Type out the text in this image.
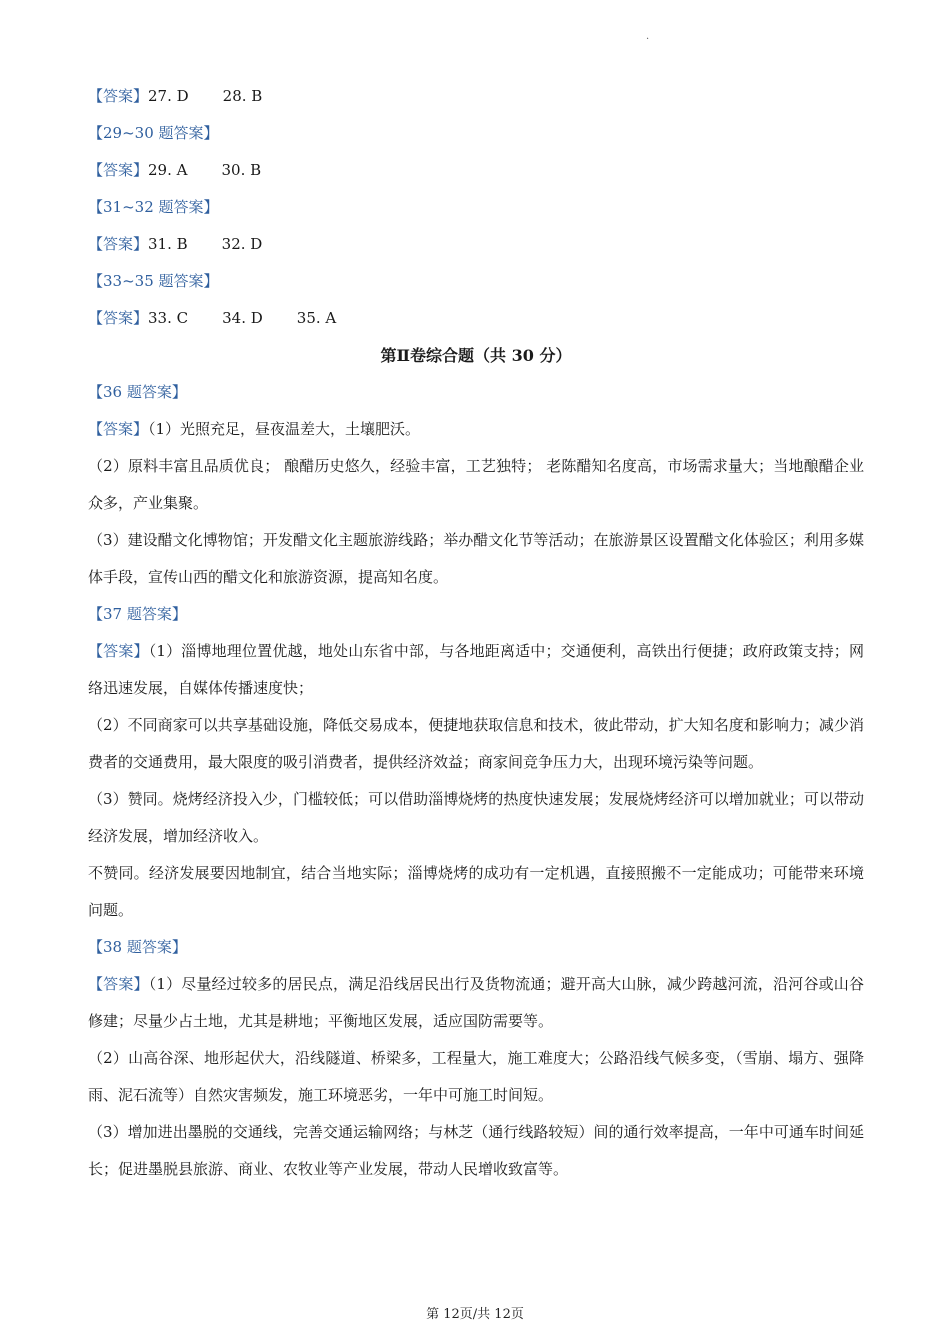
·
【答案】27. D 28. B
【29~30 题答案】
【答案】29. A 30. B
【31~32 题答案】
【答案】31. B 32. D
【33~35 题答案】
【答案】33. C 34. D 35. A
第Ⅱ卷综合题（共 30 分）
【36 题答案】
【答案】（1）光照充足，昼夜温差大，土壤肥沃。
（2）原料丰富且品质优良； 酿醋历史悠久，经验丰富，工艺独特； 老陈醋知名度高，市场需求量大；当地酿醋企业众多，产业集聚。
（3）建设醋文化博物馆；开发醋文化主题旅游线路；举办醋文化节等活动；在旅游景区设置醋文化体验区；利用多媒体手段，宣传山西的醋文化和旅游资源，提高知名度。
【37 题答案】
【答案】（1）淄博地理位置优越，地处山东省中部，与各地距离适中；交通便利，高铁出行便捷；政府政策支持；网络迅速发展，自媒体传播速度快；
（2）不同商家可以共享基础设施，降低交易成本，便捷地获取信息和技术，彼此带动，扩大知名度和影响力；减少消费者的交通费用，最大限度的吸引消费者，提供经济效益；商家间竞争压力大，出现环境污染等问题。
（3）赞同。烧烤经济投入少，门槛较低；可以借助淄博烧烤的热度快速发展；发展烧烤经济可以增加就业；可以带动经济发展，增加经济收入。
不赞同。经济发展要因地制宜，结合当地实际；淄博烧烤的成功有一定机遇，直接照搬不一定能成功；可能带来环境问题。
【38 题答案】
【答案】（1）尽量经过较多的居民点，满足沿线居民出行及货物流通；避开高大山脉，减少跨越河流，沿河谷或山谷修建；尽量少占土地，尤其是耕地；平衡地区发展，适应国防需要等。
（2）山高谷深、地形起伏大，沿线隧道、桥梁多，工程量大，施工难度大；公路沿线气候多变，（雪崩、塌方、强降雨、泥石流等）自然灾害频发，施工环境恶劣，一年中可施工时间短。
（3）增加进出墨脱的交通线，完善交通运输网络；与林芝（通行线路较短）间的通行效率提高，一年中可通车时间延长；促进墨脱县旅游、商业、农牧业等产业发展，带动人民增收致富等。
第 12页/共 12页
